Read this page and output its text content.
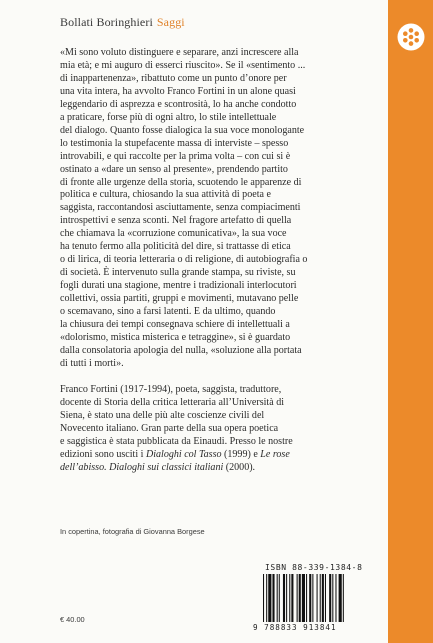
Bollati Boringhieri Saggi
«Mi sono voluto distinguere e separare, anzi increscere alla
mia età; e mi auguro di esserci riuscito». Se il «sentimento ...
di inappartenenza», ribattuto come un punto d’onore per
una vita intera, ha avvolto Franco Fortini in un alone quasi
leggendario di asprezza e scontrosità, lo ha anche condotto
a praticare, forse più di ogni altro, lo stile intellettuale
del dialogo. Quanto fosse dialogica la sua voce monologante
lo testimonia la stupefacente massa di interviste – spesso
introvabili, e qui raccolte per la prima volta – con cui si è
ostinato a «dare un senso al presente», prendendo partito
di fronte alle urgenze della storia, scuotendo le apparenze di
politica e cultura, chiosando la sua attività di poeta e
saggista, raccontandosi asciuttamente, senza compiacimenti
introspettivi e senza sconti. Nel fragore artefatto di quella
che chiamava la «corruzione comunicativa», la sua voce
ha tenuto fermo alla politicità del dire, si trattasse di etica
o di lirica, di teoria letteraria o di religione, di autobiografia o
di società. È intervenuto sulla grande stampa, su riviste, su
fogli durati una stagione, mentre i tradizionali interlocutori
collettivi, ossia partiti, gruppi e movimenti, mutavano pelle
o scemavano, sino a farsi latenti. E da ultimo, quando
la chiusura dei tempi consegnava schiere di intellettuali a
«dolorismo, mistica misterica e tetraggine», si è guardato
dalla consolatoria apologia del nulla, «soluzione alla portata
di tutti i morti».
Franco Fortini (1917-1994), poeta, saggista, traduttore,
docente di Storia della critica letteraria all’Università di
Siena, è stato una delle più alte coscienze civili del
Novecento italiano. Gran parte della sua opera poetica
e saggistica è stata pubblicata da Einaudi. Presso le nostre
edizioni sono usciti i Dialoghi col Tasso (1999) e Le rose
dell’abisso. Dialoghi sui classici italiani (2000).
In copertina, fotografia di Giovanna Borgese
ISBN 88-339-1384-8
9 788833 913841
€ 40.00
